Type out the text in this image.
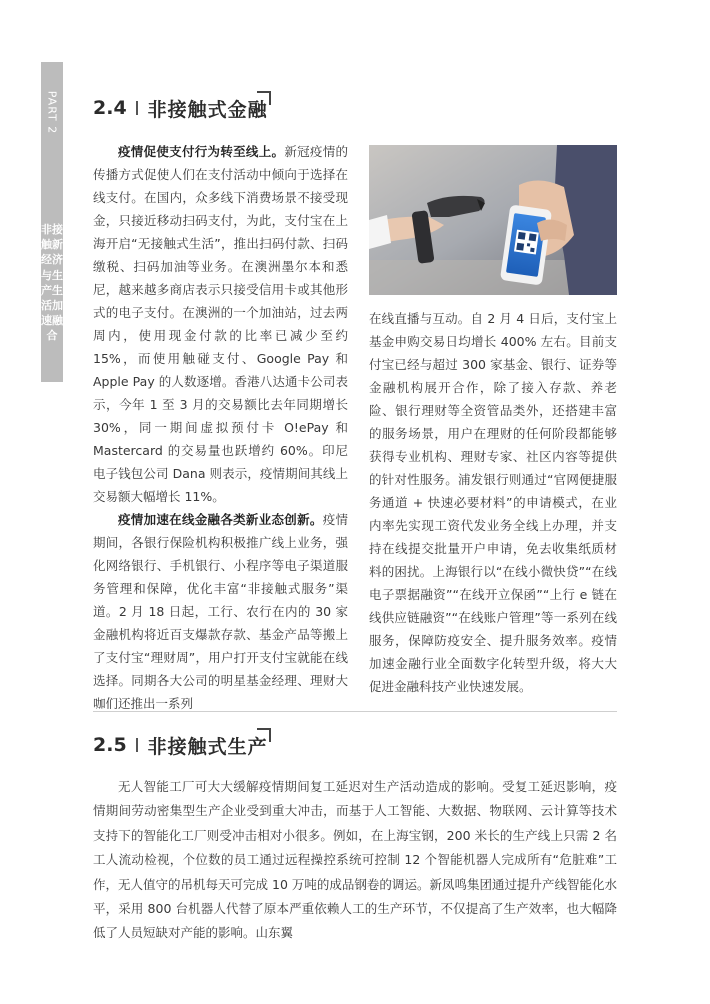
PART 2
非接触新经济与生产生活加速融合
2.4 非接触式金融

疫情促使支付行为转至线上。新冠疫情的传播方式促使人们在支付活动中倾向于选择在线支付。在国内，众多线下消费场景不接受现金，只接近移动扫码支付，为此，支付宝在上海开启“无接触式生活”，推出扫码付款、扫码缴税、扫码加油等业务。在澳洲墨尔本和悉尼，越来越多商店表示只接受信用卡或其他形式的电子支付。在澳洲的一个加油站，过去两周内，使用现金付款的比率已减少至约 15%，而使用触碰支付、Google Pay 和 Apple Pay 的人数逐增。香港八达通卡公司表示，今年 1 至 3 月的交易额比去年同期增长 30%，同一期间虚拟预付卡 O!ePay 和 Mastercard 的交易量也跃增约 60%。印尼电子钱包公司 Dana 则表示，疫情期间其线上交易额大幅增长 11%。

疫情加速在线金融各类新业态创新。疫情期间，各银行保险机构积极推广线上业务，强化网络银行、手机银行、小程序等电子渠道服务管理和保障，优化丰富“非接触式服务”渠道。2 月 18 日起，工行、农行在内的 30 家金融机构将近百支爆款存款、基金产品等搬上了支付宝“理财周”，用户打开支付宝就能在线选择。同期各大公司的明星基金经理、理财大咖们还推出一系列

在线直播与互动。自 2 月 4 日后，支付宝上基金申购交易日均增长 400% 左右。目前支付宝已经与超过 300 家基金、银行、证券等金融机构展开合作，除了接入存款、养老险、银行理财等全资管品类外，还搭建丰富的服务场景，用户在理财的任何阶段都能够获得专业机构、理财专家、社区内容等提供的针对性服务。浦发银行则通过“官网便捷服务通道 + 快速必要材料”的申请模式，在业内率先实现工资代发业务全线上办理，并支持在线提交批量开户申请，免去收集纸质材料的困扰。上海银行以“在线小微快贷”“在线电子票据融资”“在线开立保函”“上行 e 链在线供应链融资”“在线账户管理”等一系列在线服务，保障防疫安全、提升服务效率。疫情加速金融行业全面数字化转型升级，将大大促进金融科技产业快速发展。

2.5 非接触式生产

无人智能工厂可大大缓解疫情期间复工延迟对生产活动造成的影响。受复工延迟影响，疫情期间劳动密集型生产企业受到重大冲击，而基于人工智能、大数据、物联网、云计算等技术支持下的智能化工厂则受冲击相对小很多。例如，在上海宝钢，200 米长的生产线上只需 2 名工人流动检视，个位数的员工通过远程操控系统可控制 12 个智能机器人完成所有“危脏难”工作，无人值守的吊机每天可完成 10 万吨的成品钢卷的调运。新凤鸣集团通过提升产线智能化水平，采用 800 台机器人代替了原本严重依赖人工的生产环节，不仅提高了生产效率，也大幅降低了人员短缺对产能的影响。山东翼
